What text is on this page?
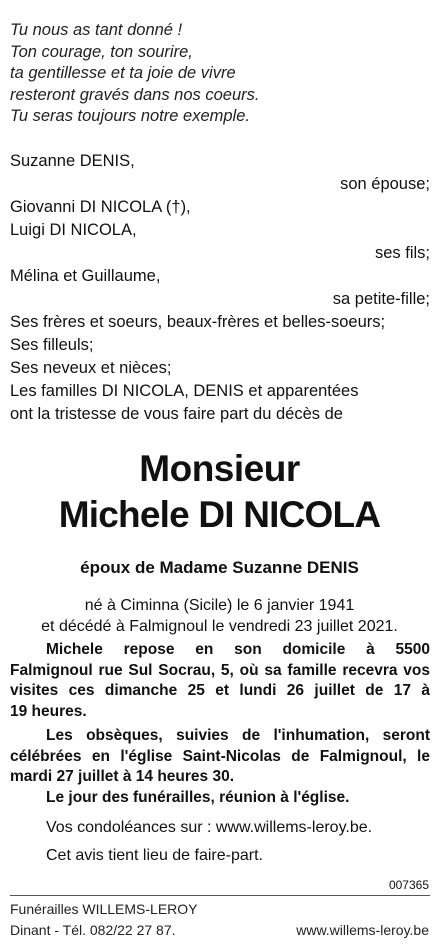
Tu nous as tant donné !
Ton courage, ton sourire,
ta gentillesse et ta joie de vivre
resteront gravés dans nos coeurs.
Tu seras toujours notre exemple.
Suzanne DENIS,
son épouse;
Giovanni DI NICOLA (†),
Luigi DI NICOLA,
ses fils;
Mélina et Guillaume,
sa petite-fille;
Ses frères et soeurs, beaux-frères et belles-soeurs;
Ses filleuls;
Ses neveux et nièces;
Les familles DI NICOLA, DENIS et apparentées
ont la tristesse de vous faire part du décès de
Monsieur
Michele DI NICOLA
époux de Madame Suzanne DENIS
né à Ciminna (Sicile) le 6 janvier 1941
et décédé à Falmignoul le vendredi 23 juillet 2021.
Michele repose en son domicile à 5500
Falmignoul rue Sul Socrau, 5, où sa famille recevra vos
visites ces dimanche 25 et lundi 26 juillet de 17 à
19 heures.
Les obsèques, suivies de l'inhumation, seront
célébrées en l'église Saint-Nicolas de Falmignoul, le
mardi 27 juillet à 14 heures 30.
Le jour des funérailles, réunion à l'église.
Vos condoléances sur : www.willems-leroy.be.
Cet avis tient lieu de faire-part.
007365
Funérailles WILLEMS-LEROY
Dinant - Tél. 082/22 27 87.	www.willems-leroy.be
